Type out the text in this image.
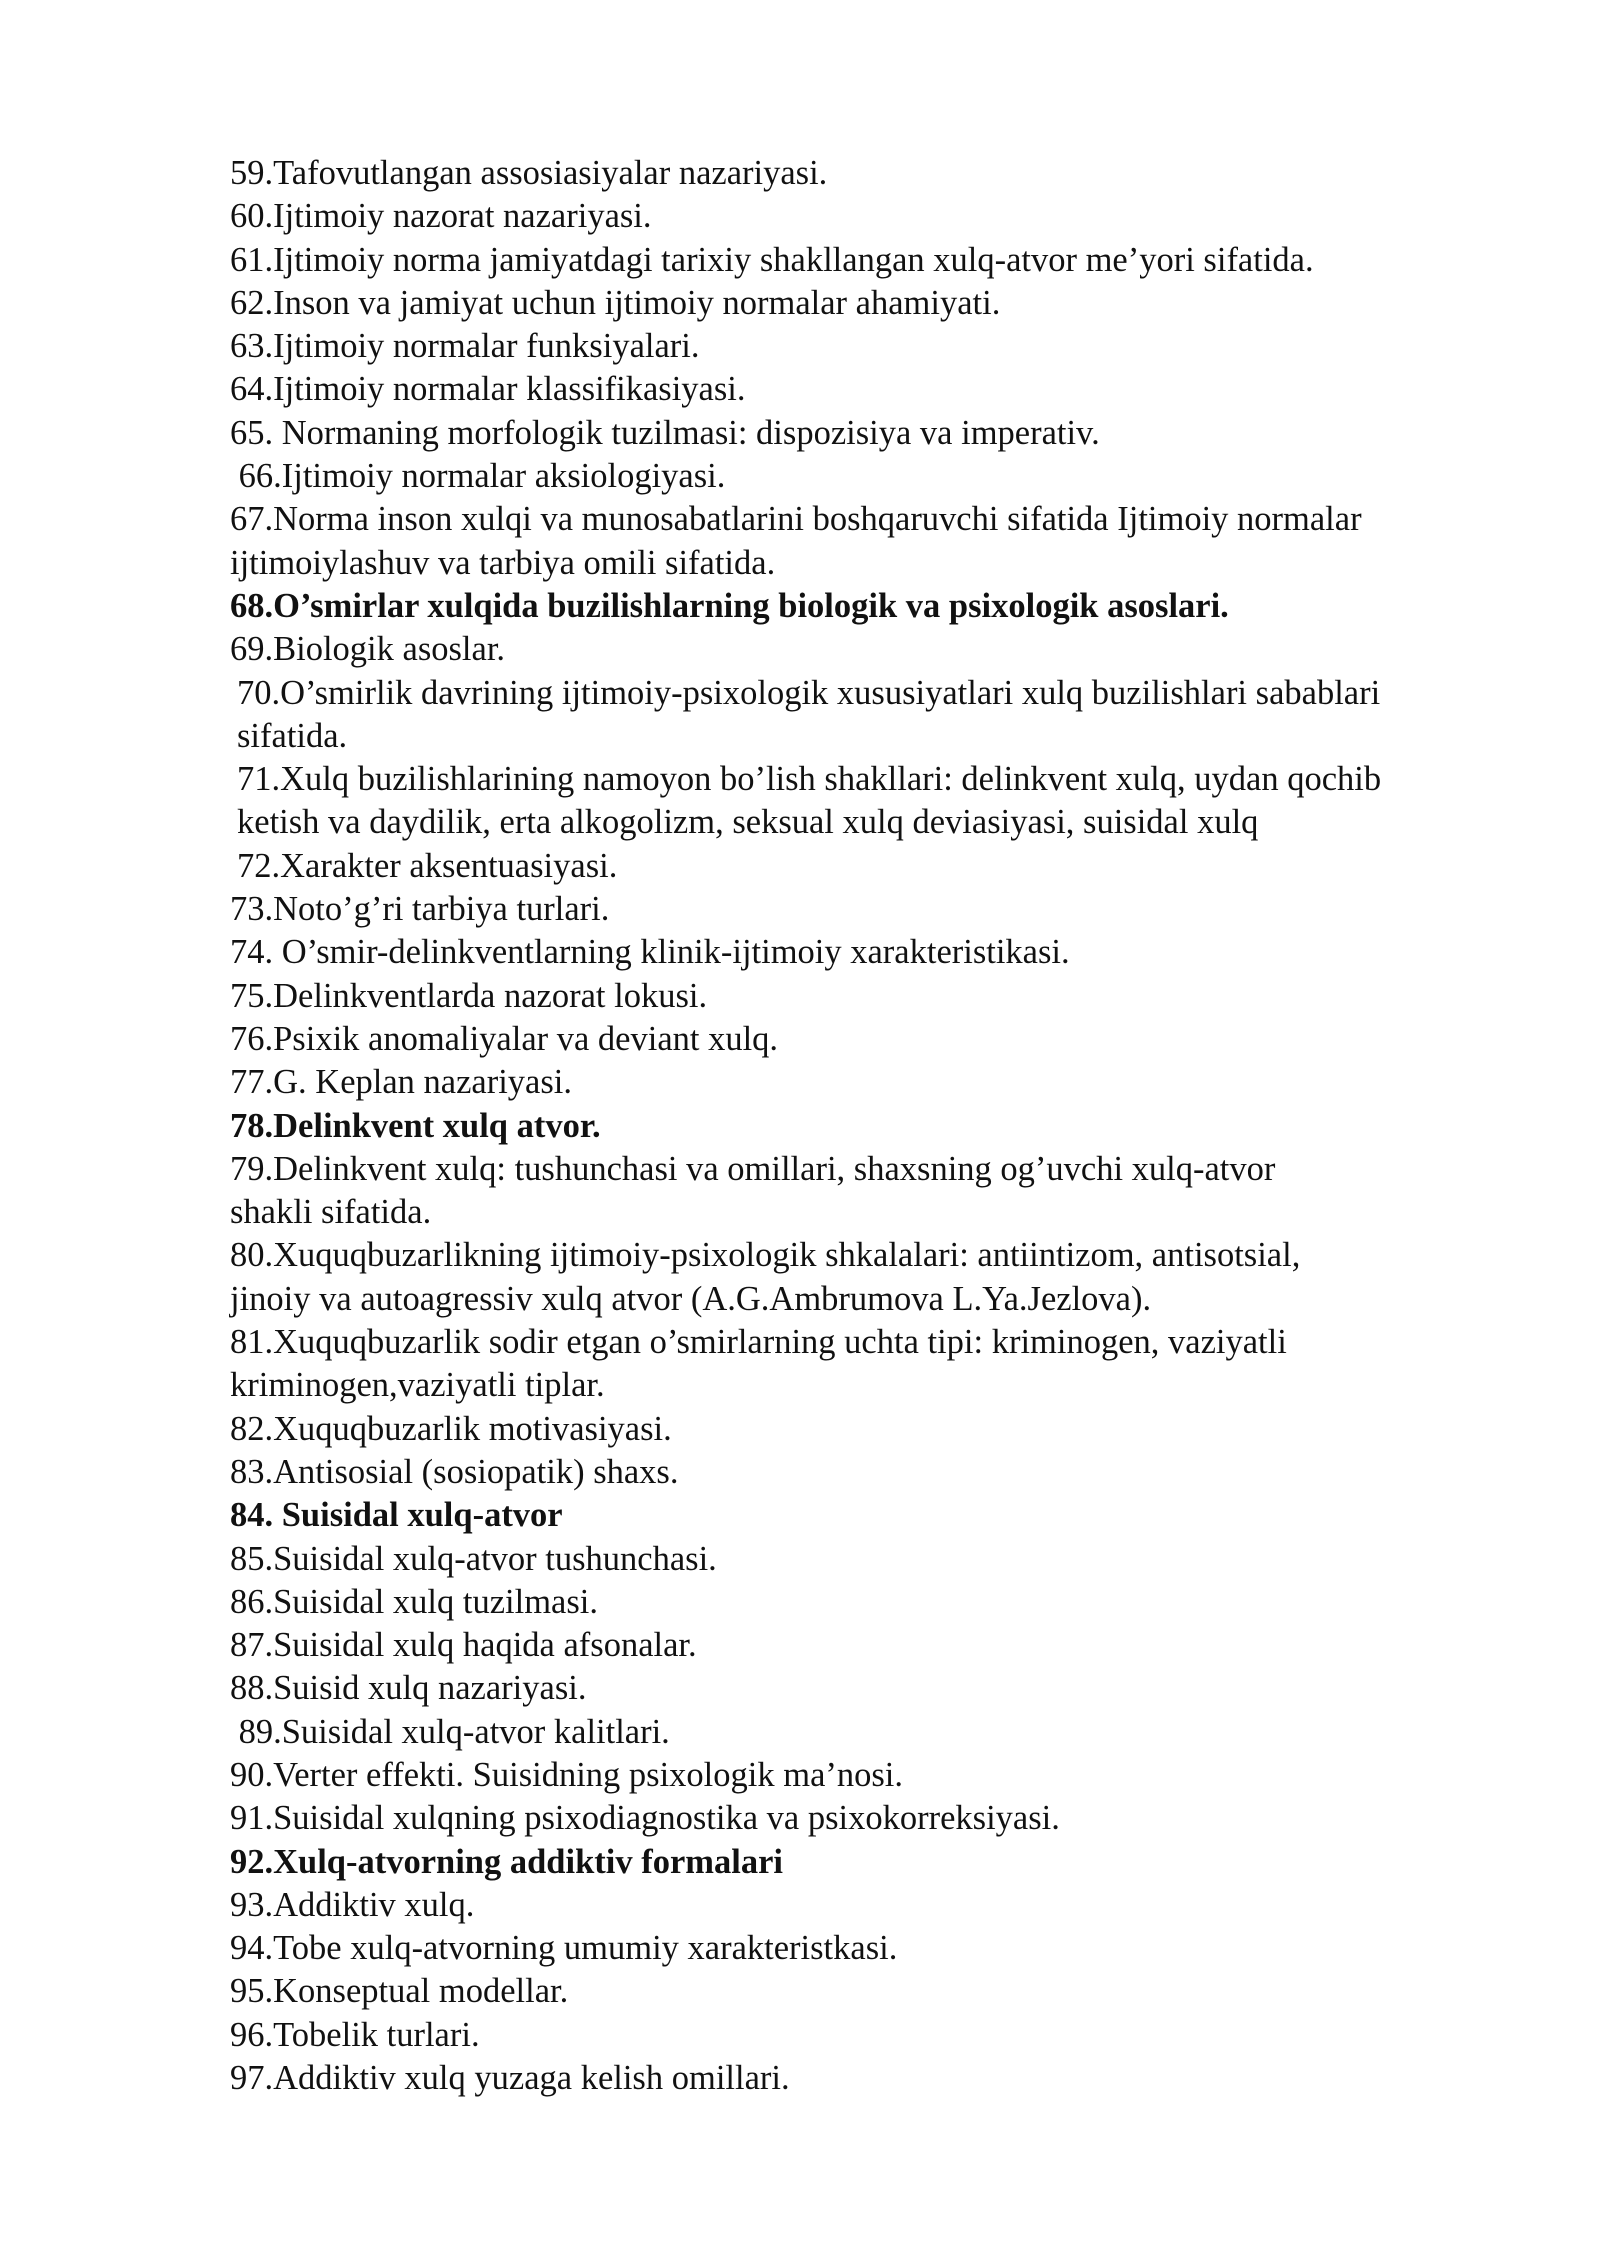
59.Tafovutlangan assosiasiyalar nazariyasi.
60.Ijtimoiy nazorat nazariyasi.
61.Ijtimoiy norma jamiyatdagi tarixiy shakllangan xulq-atvor me’yori sifatida.
62.Inson va jamiyat uchun ijtimoiy normalar ahamiyati.
63.Ijtimoiy normalar funksiyalari.
64.Ijtimoiy normalar klassifikasiyasi.
65. Normaning morfologik tuzilmasi: dispozisiya va imperativ.
66.Ijtimoiy normalar aksiologiyasi.
67.Norma inson xulqi va munosabatlarini boshqaruvchi sifatida Ijtimoiy normalar
ijtimoiylashuv va tarbiya omili sifatida.
68.O’smirlar xulqida buzilishlarning biologik va psixologik asoslari.
69.Biologik asoslar.
70.O’smirlik davrining ijtimoiy-psixologik xususiyatlari xulq buzilishlari sabablari
sifatida.
71.Xulq buzilishlarining namoyon bo’lish shakllari: delinkvent xulq, uydan qochib
ketish va daydilik, erta alkogolizm, seksual xulq deviasiyasi, suisidal xulq
72.Xarakter aksentuasiyasi.
73.Noto’g’ri tarbiya turlari.
74. O’smir-delinkventlarning klinik-ijtimoiy xarakteristikasi.
75.Delinkventlarda nazorat lokusi.
76.Psixik anomaliyalar va deviant xulq.
77.G. Keplan nazariyasi.
78.Delinkvent xulq atvor.
79.Delinkvent xulq: tushunchasi va omillari, shaxsning og’uvchi xulq-atvor
shakli sifatida.
80.Xuquqbuzarlikning ijtimoiy-psixologik shkalalari: antiintizom, antisotsial,
jinoiy va autoagressiv xulq atvor (A.G.Ambrumova L.Ya.Jezlova).
81.Xuquqbuzarlik sodir etgan o’smirlarning uchta tipi: kriminogen, vaziyatli
kriminogen,vaziyatli tiplar.
82.Xuquqbuzarlik motivasiyasi.
83.Antisosial (sosiopatik) shaxs.
84. Suisidal xulq-atvor
85.Suisidal xulq-atvor tushunchasi.
86.Suisidal xulq tuzilmasi.
87.Suisidal xulq haqida afsonalar.
88.Suisid xulq nazariyasi.
89.Suisidal xulq-atvor kalitlari.
90.Verter effekti. Suisidning psixologik ma’nosi.
91.Suisidal xulqning psixodiagnostika va psixokorreksiyasi.
92.Xulq-atvorning addiktiv formalari
93.Addiktiv xulq.
94.Tobe xulq-atvorning umumiy xarakteristkasi.
95.Konseptual modellar.
96.Tobelik turlari.
97.Addiktiv xulq yuzaga kelish omillari.
